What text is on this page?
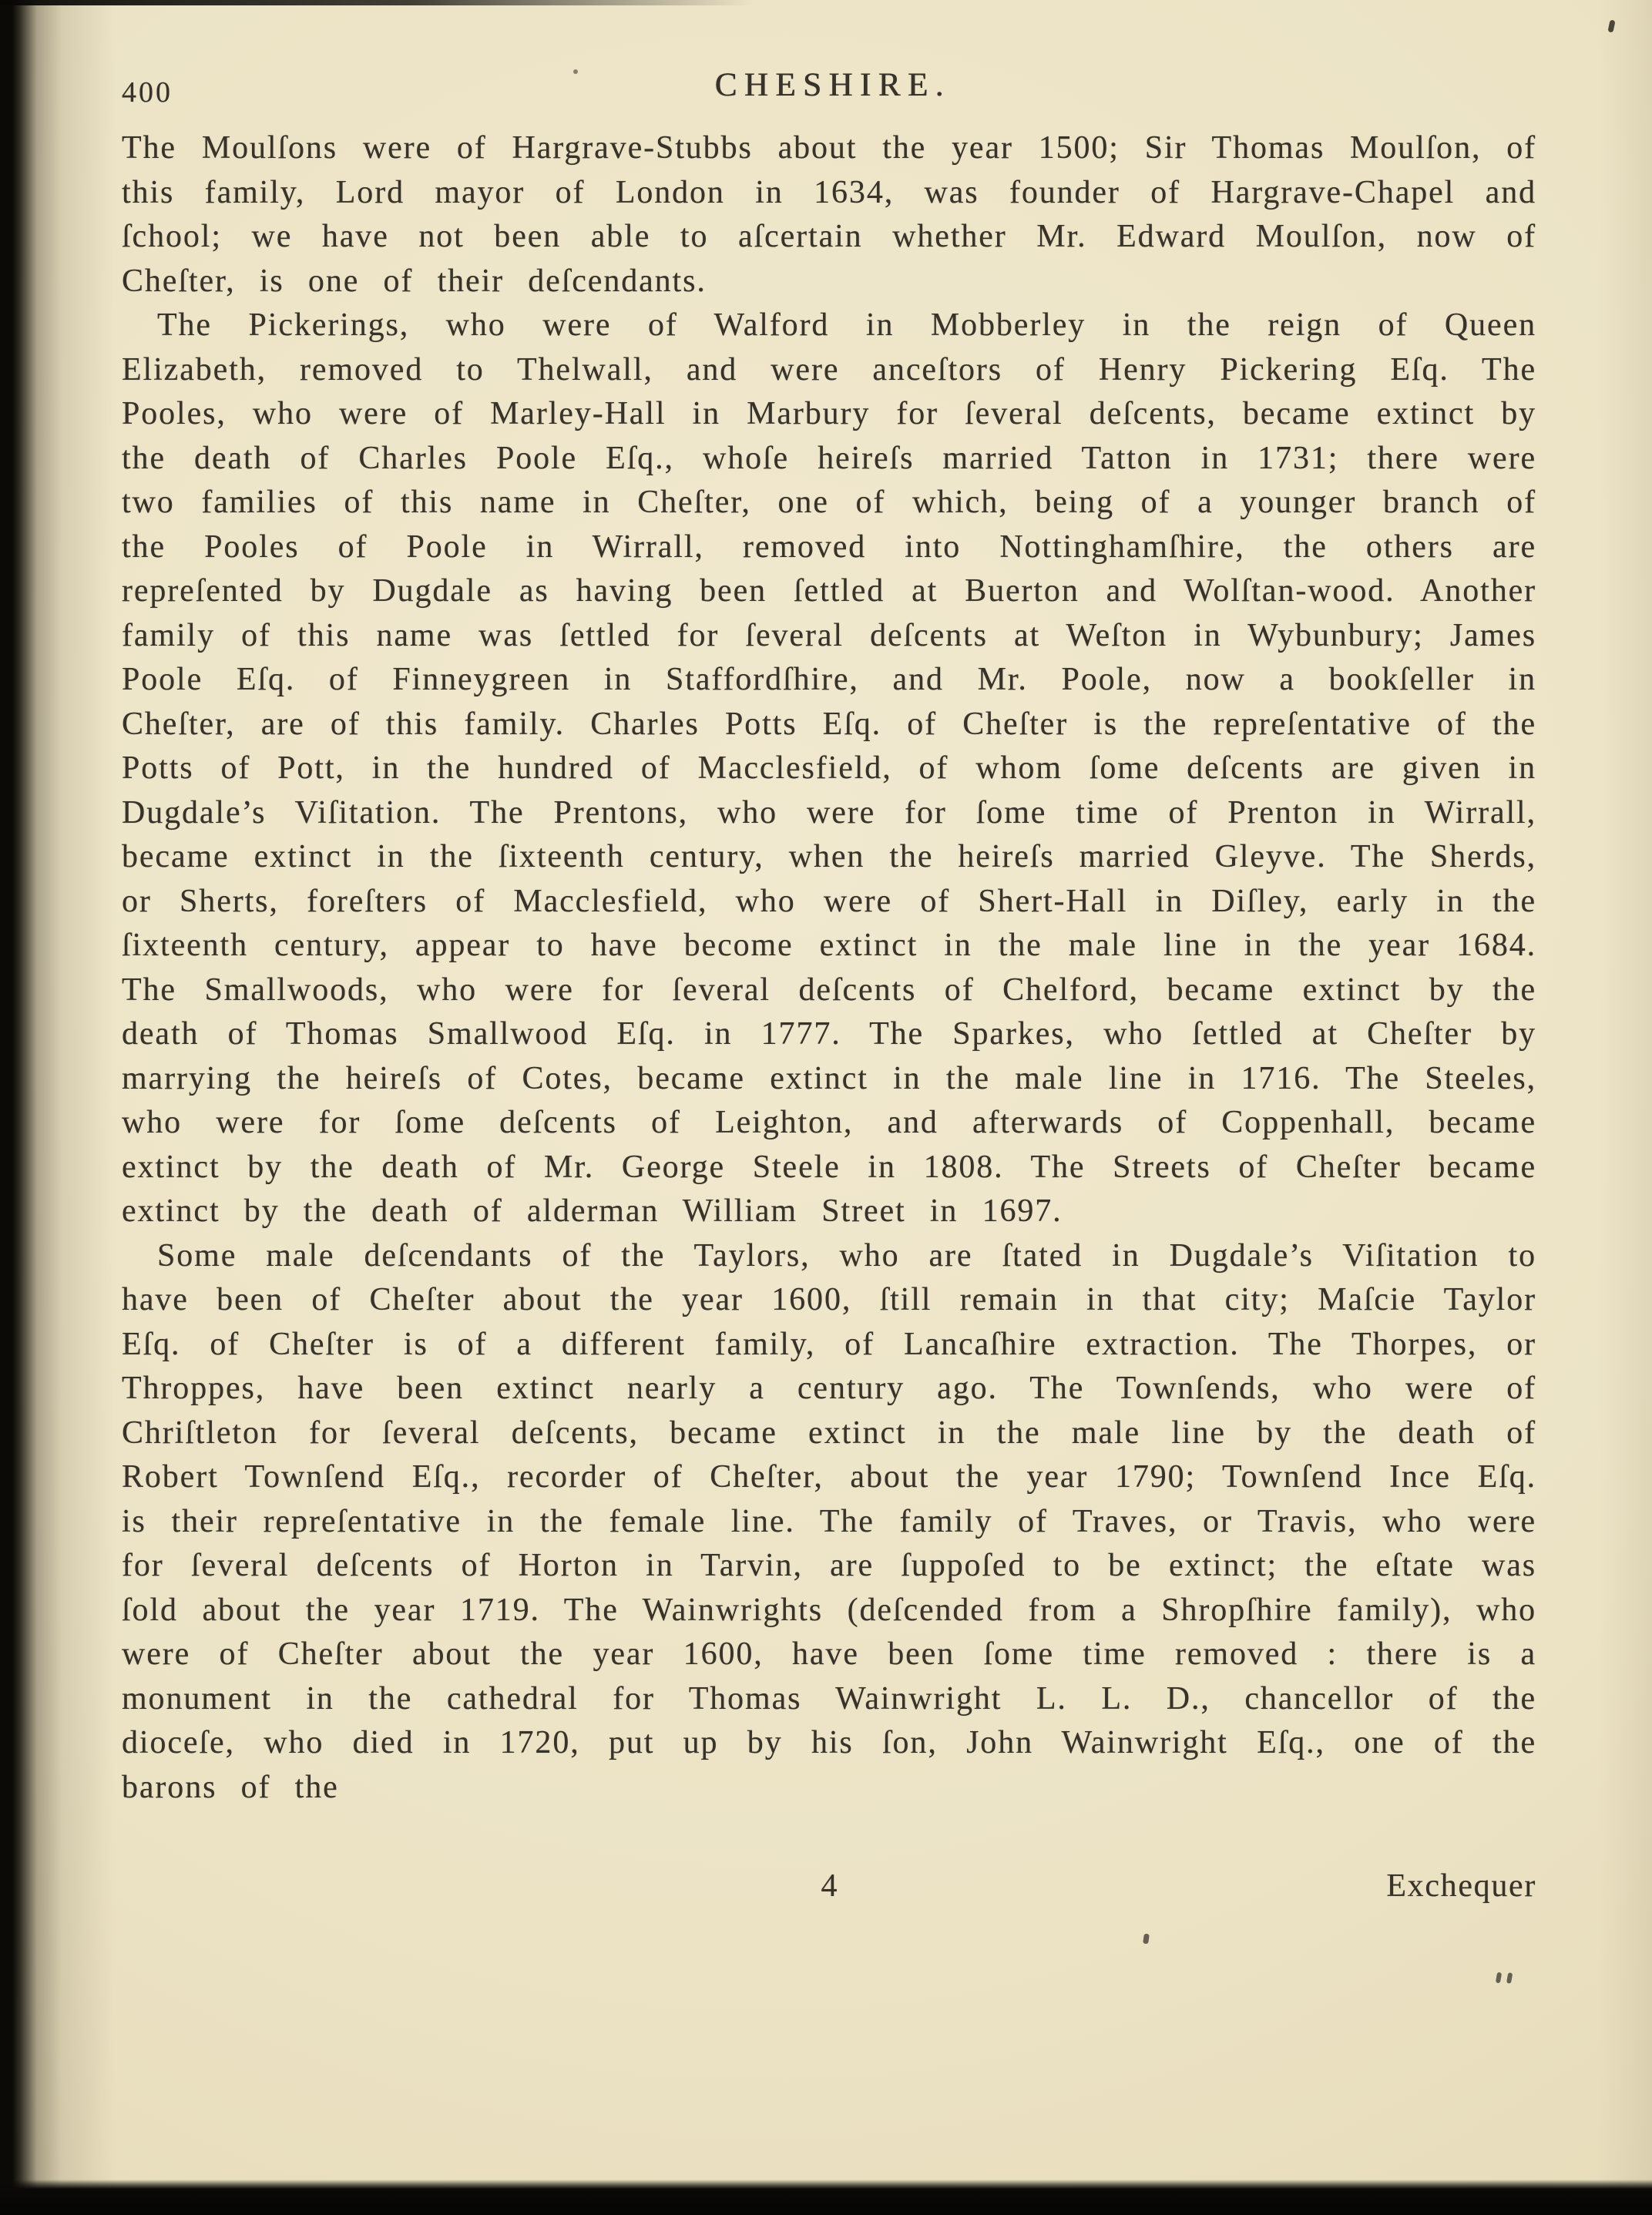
400	CHESHIRE.

The Moulſons were of Hargrave-Stubbs about the year 1500; Sir Thomas Moulſon, of this family, Lord mayor of London in 1634, was founder of Hargrave-Chapel and ſchool; we have not been able to aſcertain whether Mr. Edward Moulſon, now of Cheſter, is one of their deſcendants.

The Pickerings, who were of Walford in Mobberley in the reign of Queen Elizabeth, removed to Thelwall, and were anceſtors of Henry Pickering Eſq. The Pooles, who were of Marley-Hall in Marbury for ſeveral deſcents, became extinct by the death of Charles Poole Eſq., whoſe heireſs married Tatton in 1731; there were two families of this name in Cheſter, one of which, being of a younger branch of the Pooles of Poole in Wirrall, removed into Nottinghamſhire, the others are repreſented by Dugdale as having been ſettled at Buerton and Wolſtan-wood. Another family of this name was ſettled for ſeveral deſcents at Weſton in Wybunbury; James Poole Eſq. of Finneygreen in Staffordſhire, and Mr. Poole, now a bookſeller in Cheſter, are of this family. Charles Potts Eſq. of Cheſter is the repreſentative of the Potts of Pott, in the hundred of Macclesfield, of whom ſome deſcents are given in Dugdale’s Viſitation. The Prentons, who were for ſome time of Prenton in Wirrall, became extinct in the ſixteenth century, when the heireſs married Gleyve. The Sherds, or Sherts, foreſters of Macclesfield, who were of Shert-Hall in Diſley, early in the ſixteenth century, appear to have become extinct in the male line in the year 1684. The Smallwoods, who were for ſeveral deſcents of Chelford, became extinct by the death of Thomas Smallwood Eſq. in 1777. The Sparkes, who ſettled at Cheſter by marrying the heireſs of Cotes, became extinct in the male line in 1716. The Steeles, who were for ſome deſcents of Leighton, and afterwards of Coppenhall, became extinct by the death of Mr. George Steele in 1808. The Streets of Cheſter became extinct by the death of alderman William Street in 1697.

Some male deſcendants of the Taylors, who are ſtated in Dugdale’s Viſitation to have been of Cheſter about the year 1600, ſtill remain in that city; Maſcie Taylor Eſq. of Cheſter is of a different family, of Lancaſhire extraction. The Thorpes, or Throppes, have been extinct nearly a century ago. The Townſends, who were of Chriſtleton for ſeveral deſcents, became extinct in the male line by the death of Robert Townſend Eſq., recorder of Cheſter, about the year 1790; Townſend Ince Eſq. is their repreſentative in the female line. The family of Traves, or Travis, who were for ſeveral deſcents of Horton in Tarvin, are ſuppoſed to be extinct; the eſtate was ſold about the year 1719. The Wainwrights (deſcended from a Shropſhire family), who were of Cheſter about the year 1600, have been ſome time removed : there is a monument in the cathedral for Thomas Wainwright L. L. D., chancellor of the dioceſe, who died in 1720, put up by his ſon, John Wainwright Eſq., one of the barons of the

4	Exchequer
